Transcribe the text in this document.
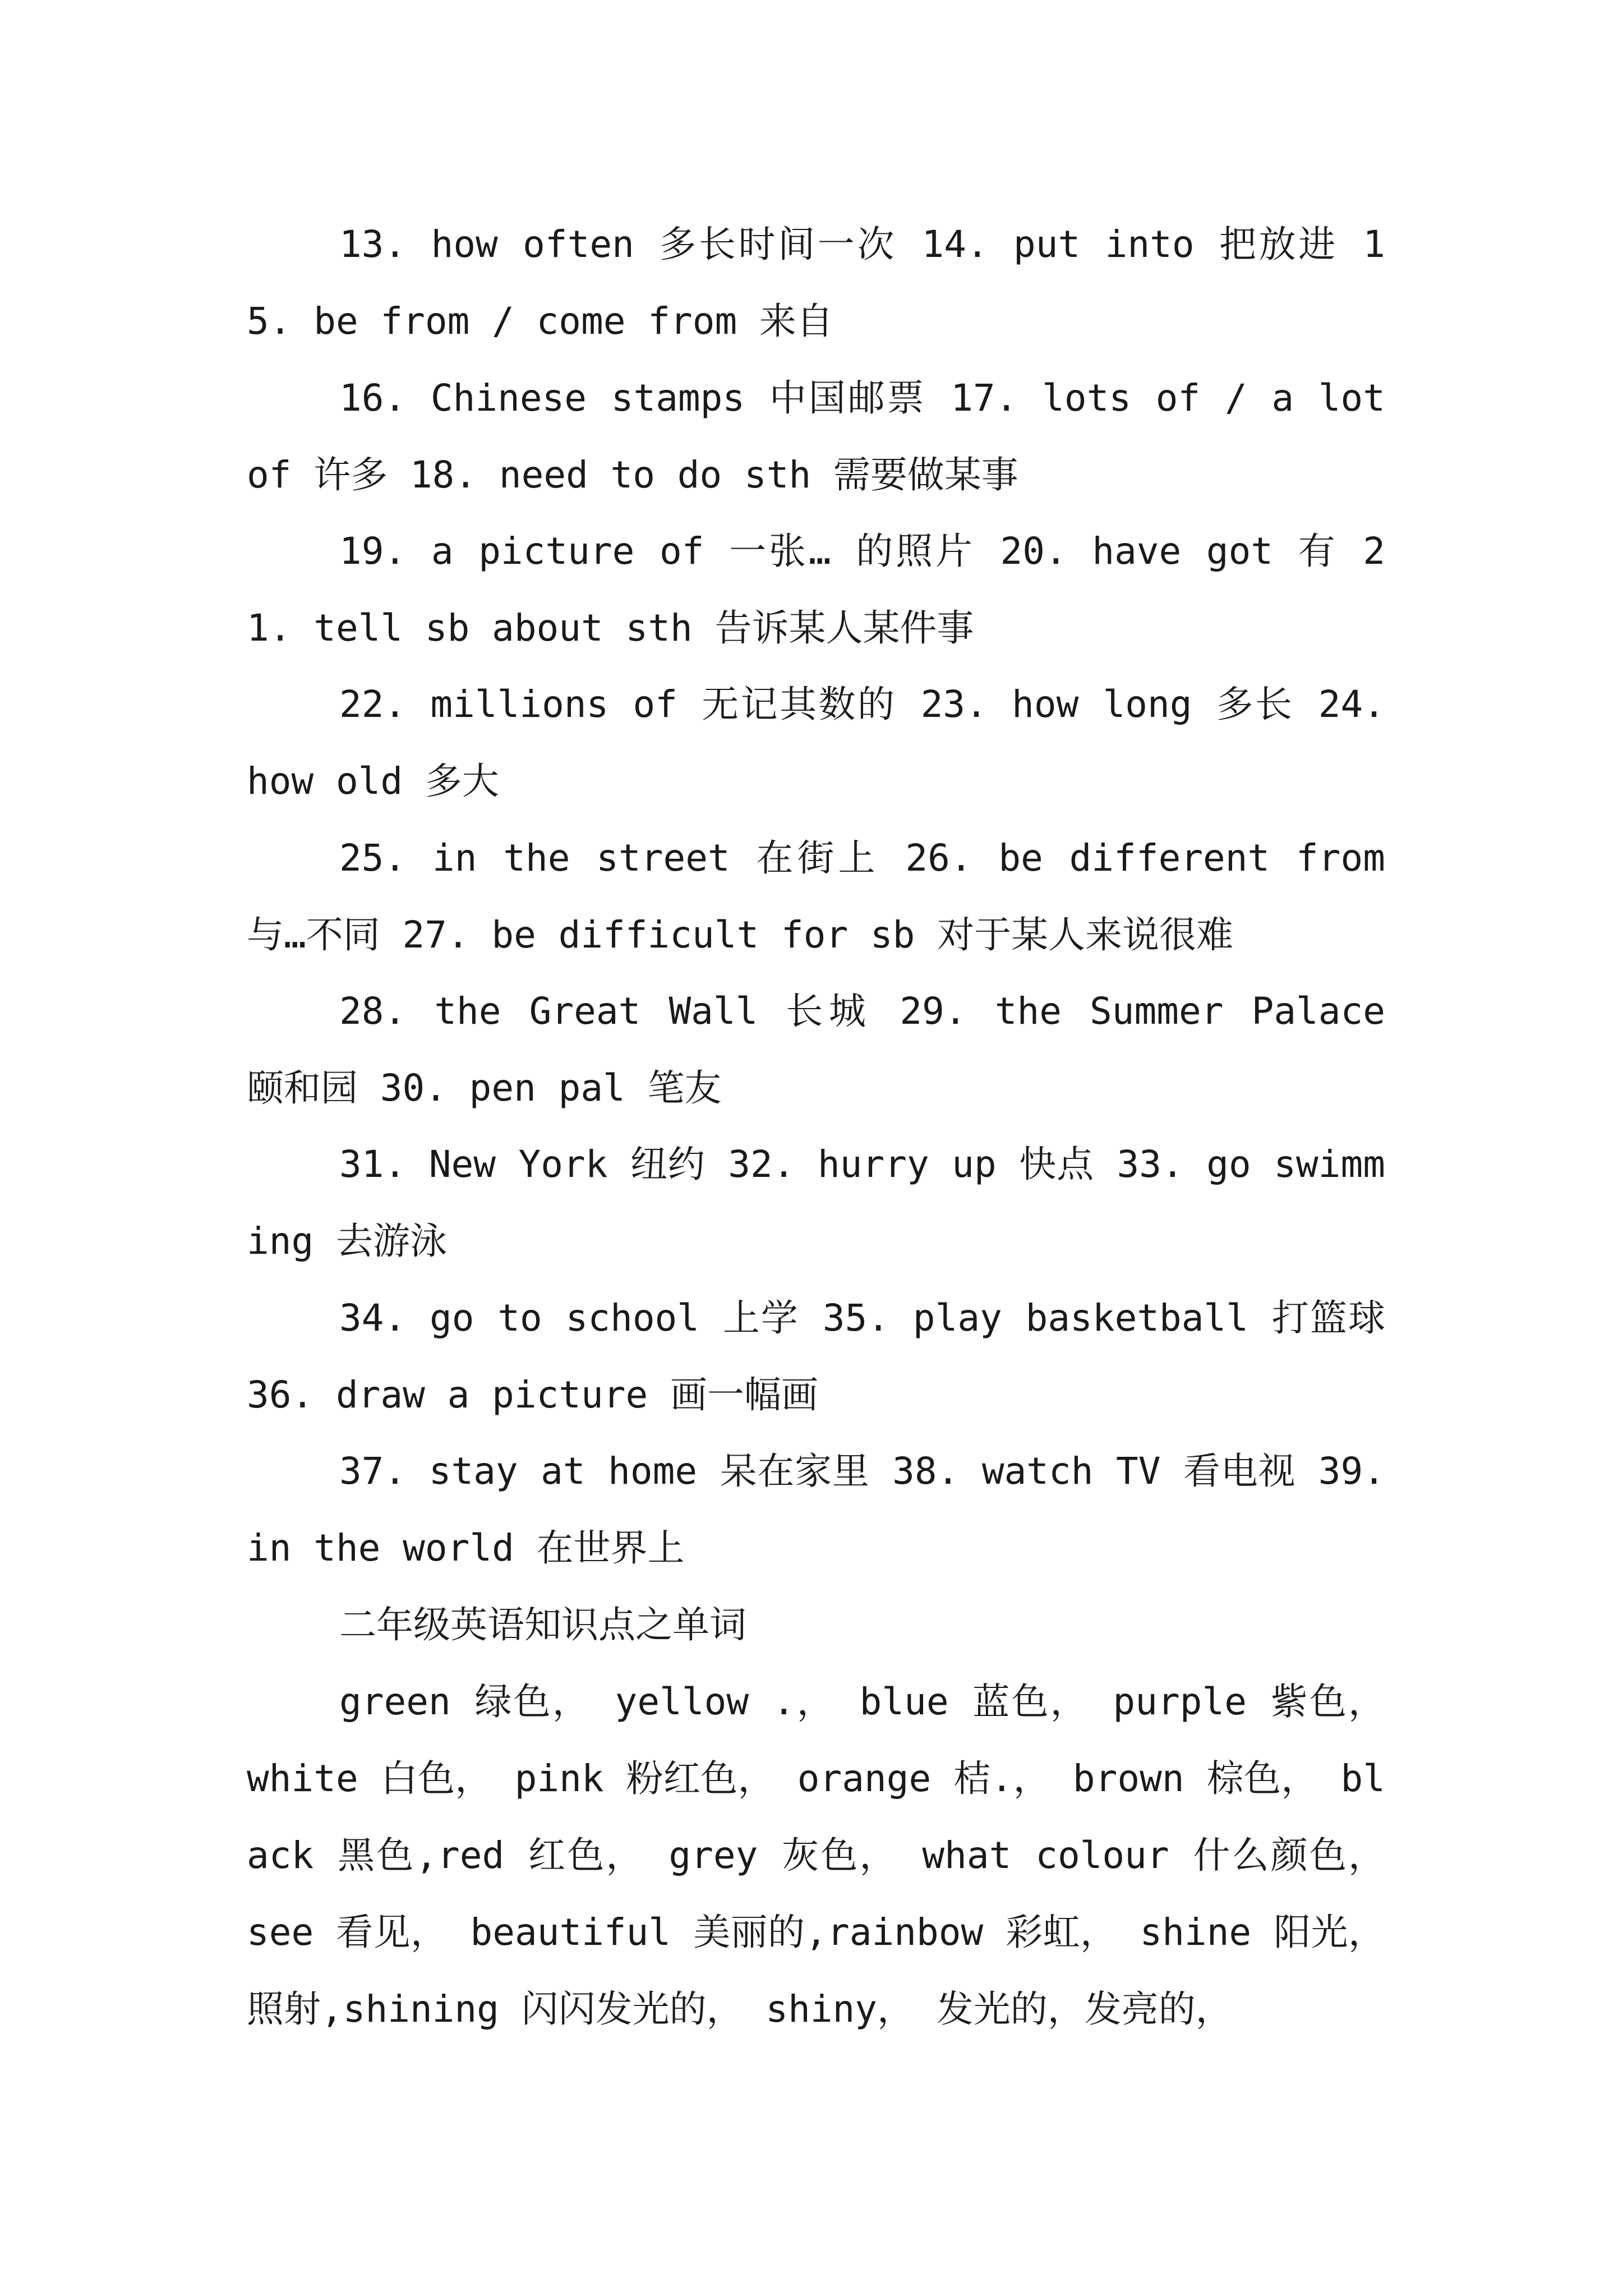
13. how often 多长时间一次 14. put into 把放进 15. be from / come from 来自

16. Chinese stamps 中国邮票 17. lots of / a lot of 许多 18. need to do sth 需要做某事

19. a picture of 一张… 的照片 20. have got 有 21. tell sb about sth 告诉某人某件事

22. millions of 无记其数的 23. how long 多长 24. how old 多大

25. in the street 在街上 26. be different from 与…不同 27. be difficult for sb 对于某人来说很难

28. the Great Wall 长城 29. the Summer Palace 颐和园 30. pen pal 笔友

31. New York 纽约 32. hurry up 快点 33. go swimming 去游泳

34. go to school 上学 35. play basketball 打篮球 36. draw a picture 画一幅画

37. stay at home 呆在家里 38. watch TV 看电视 39. in the world 在世界上

二年级英语知识点之单词

green 绿色， yellow .， blue 蓝色， purple 紫色， white 白色， pink 粉红色， orange 桔.， brown 棕色， black 黑色,red 红色， grey 灰色， what colour 什么颜色， see 看见， beautiful 美丽的,rainbow 彩虹， shine 阳光，照射,shining 闪闪发光的， shiny， 发光的，发亮的，
